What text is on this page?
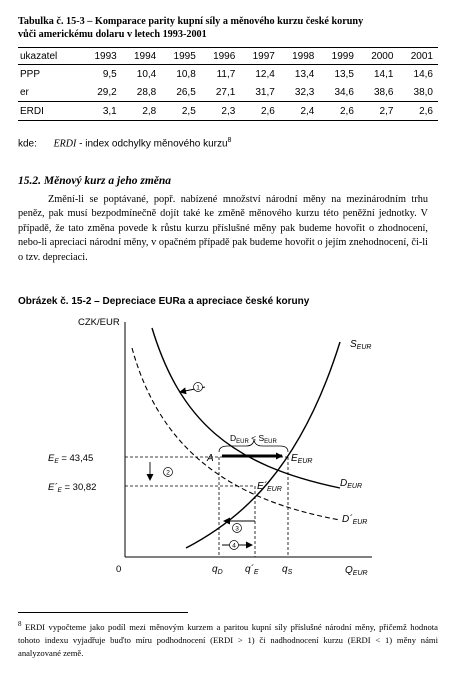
Tabulka č. 15-3 – Komparace parity kupní síly a měnového kurzu české koruny
vůči americkému dolaru v letech 1993-2001
ukazatel	1993	1994	1995	1996	1997	1998	1999	2000	2001
PPP	9,5	10,4	10,8	11,7	12,4	13,4	13,5	14,1	14,6
er	29,2	28,8	26,5	27,1	31,7	32,3	34,6	38,6	38,0
ERDI	3,1	2,8	2,5	2,3	2,6	2,4	2,6	2,7	2,6
kde: ERDI - index odchylky měnového kurzu$^8$
15.2. Měnový kurz a jeho změna

Změní-li se poptávané, popř. nabízené množství národní měny na mezinárodním trhu peněz, pak musí bezpodmínečně dojít také ke změně měnového kurzu této peněžní jednotky. V případě, že tato změna povede k růstu kurzu příslušné měny pak budeme hovořit o zhodnocení, nebo-li apreciaci národní měny, v opačném případě pak budeme hovořit o jejím znehodnocení, či-li o tzv. depreciaci.

Obrázek č. 15-2 – Depreciace EURa a apreciace české koruny
CZK/EUR
0	$Q_{EUR}$
1
2
3
4
$S_{EUR}$
$D_{EUR}$
$D´_{EUR}$
A	$E_{EUR}$
$E´_{EUR}$
$D_{EUR} < S_{EUR}$
$E_E = 43,45$
$E´_E = 30,82$
$q_D$ $q´_E$ $q_S$
$^8$ ERDI vypočteme jako podíl mezi měnovým kurzem a paritou kupní síly příslušné národní měny, přičemž hodnota tohoto indexu vyjadřuje buďto míru podhodnocení (ERDI > 1) či nadhodnocení kurzu (ERDI < 1) měny námi analyzované země.
